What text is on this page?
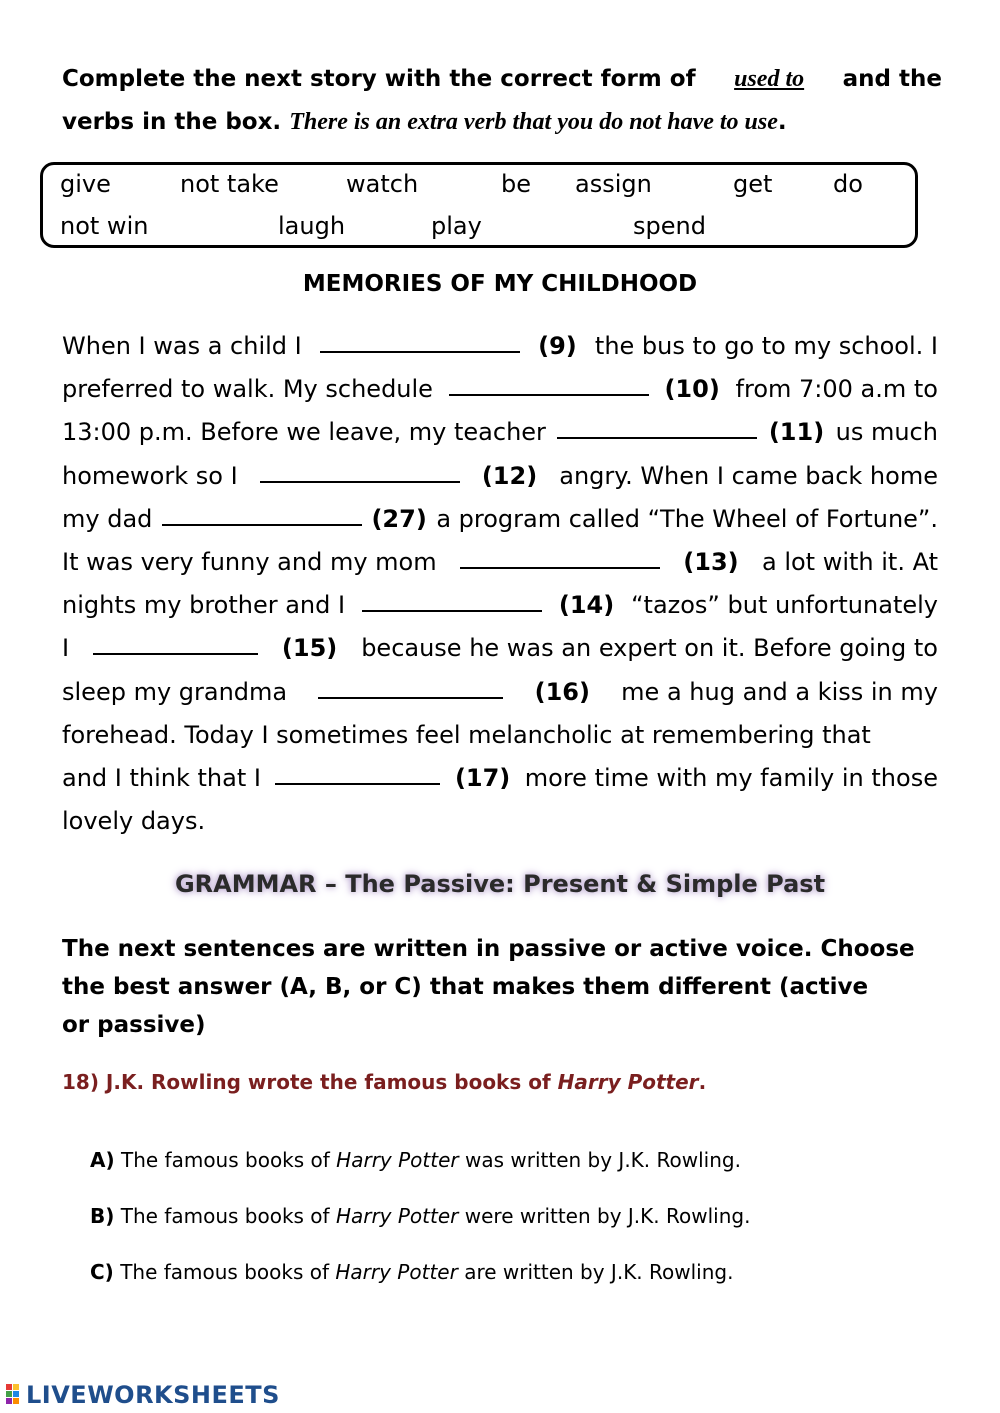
Complete the next story with the correct form of used to and the
verbs in the box. There is an extra verb that you do not have to use.
give	not take	watch	be assign	get	do
not win	laugh	play	spend
MEMORIES OF MY CHILDHOOD
When I was a child I	(9) the bus to go to my school. I
preferred to walk. My schedule	(10) from 7:00 a.m to
13:00 p.m. Before we leave, my teacher	(11) us much
homework so I	(12) angry. When I came back home
my dad	(27) a program called “The Wheel of Fortune”.
It was very funny and my mom	(13) a lot with it. At
nights my brother and I	(14) “tazos” but unfortunately
I	(15) because he was an expert on it. Before going to
sleep my grandma	(16) me a hug and a kiss in my
forehead. Today I sometimes feel melancholic at remembering that
and I think that I	(17) more time with my family in those
lovely days.
GRAMMAR – The Passive: Present & Simple Past
The next sentences are written in passive or active voice. Choose
the best answer (A, B, or C) that makes them different (active
or passive)
18) J.K. Rowling wrote the famous books of Harry Potter.
A) The famous books of Harry Potter was written by J.K. Rowling.
B) The famous books of Harry Potter were written by J.K. Rowling.
C) The famous books of Harry Potter are written by J.K. Rowling.
LIVEWORKSHEETS
